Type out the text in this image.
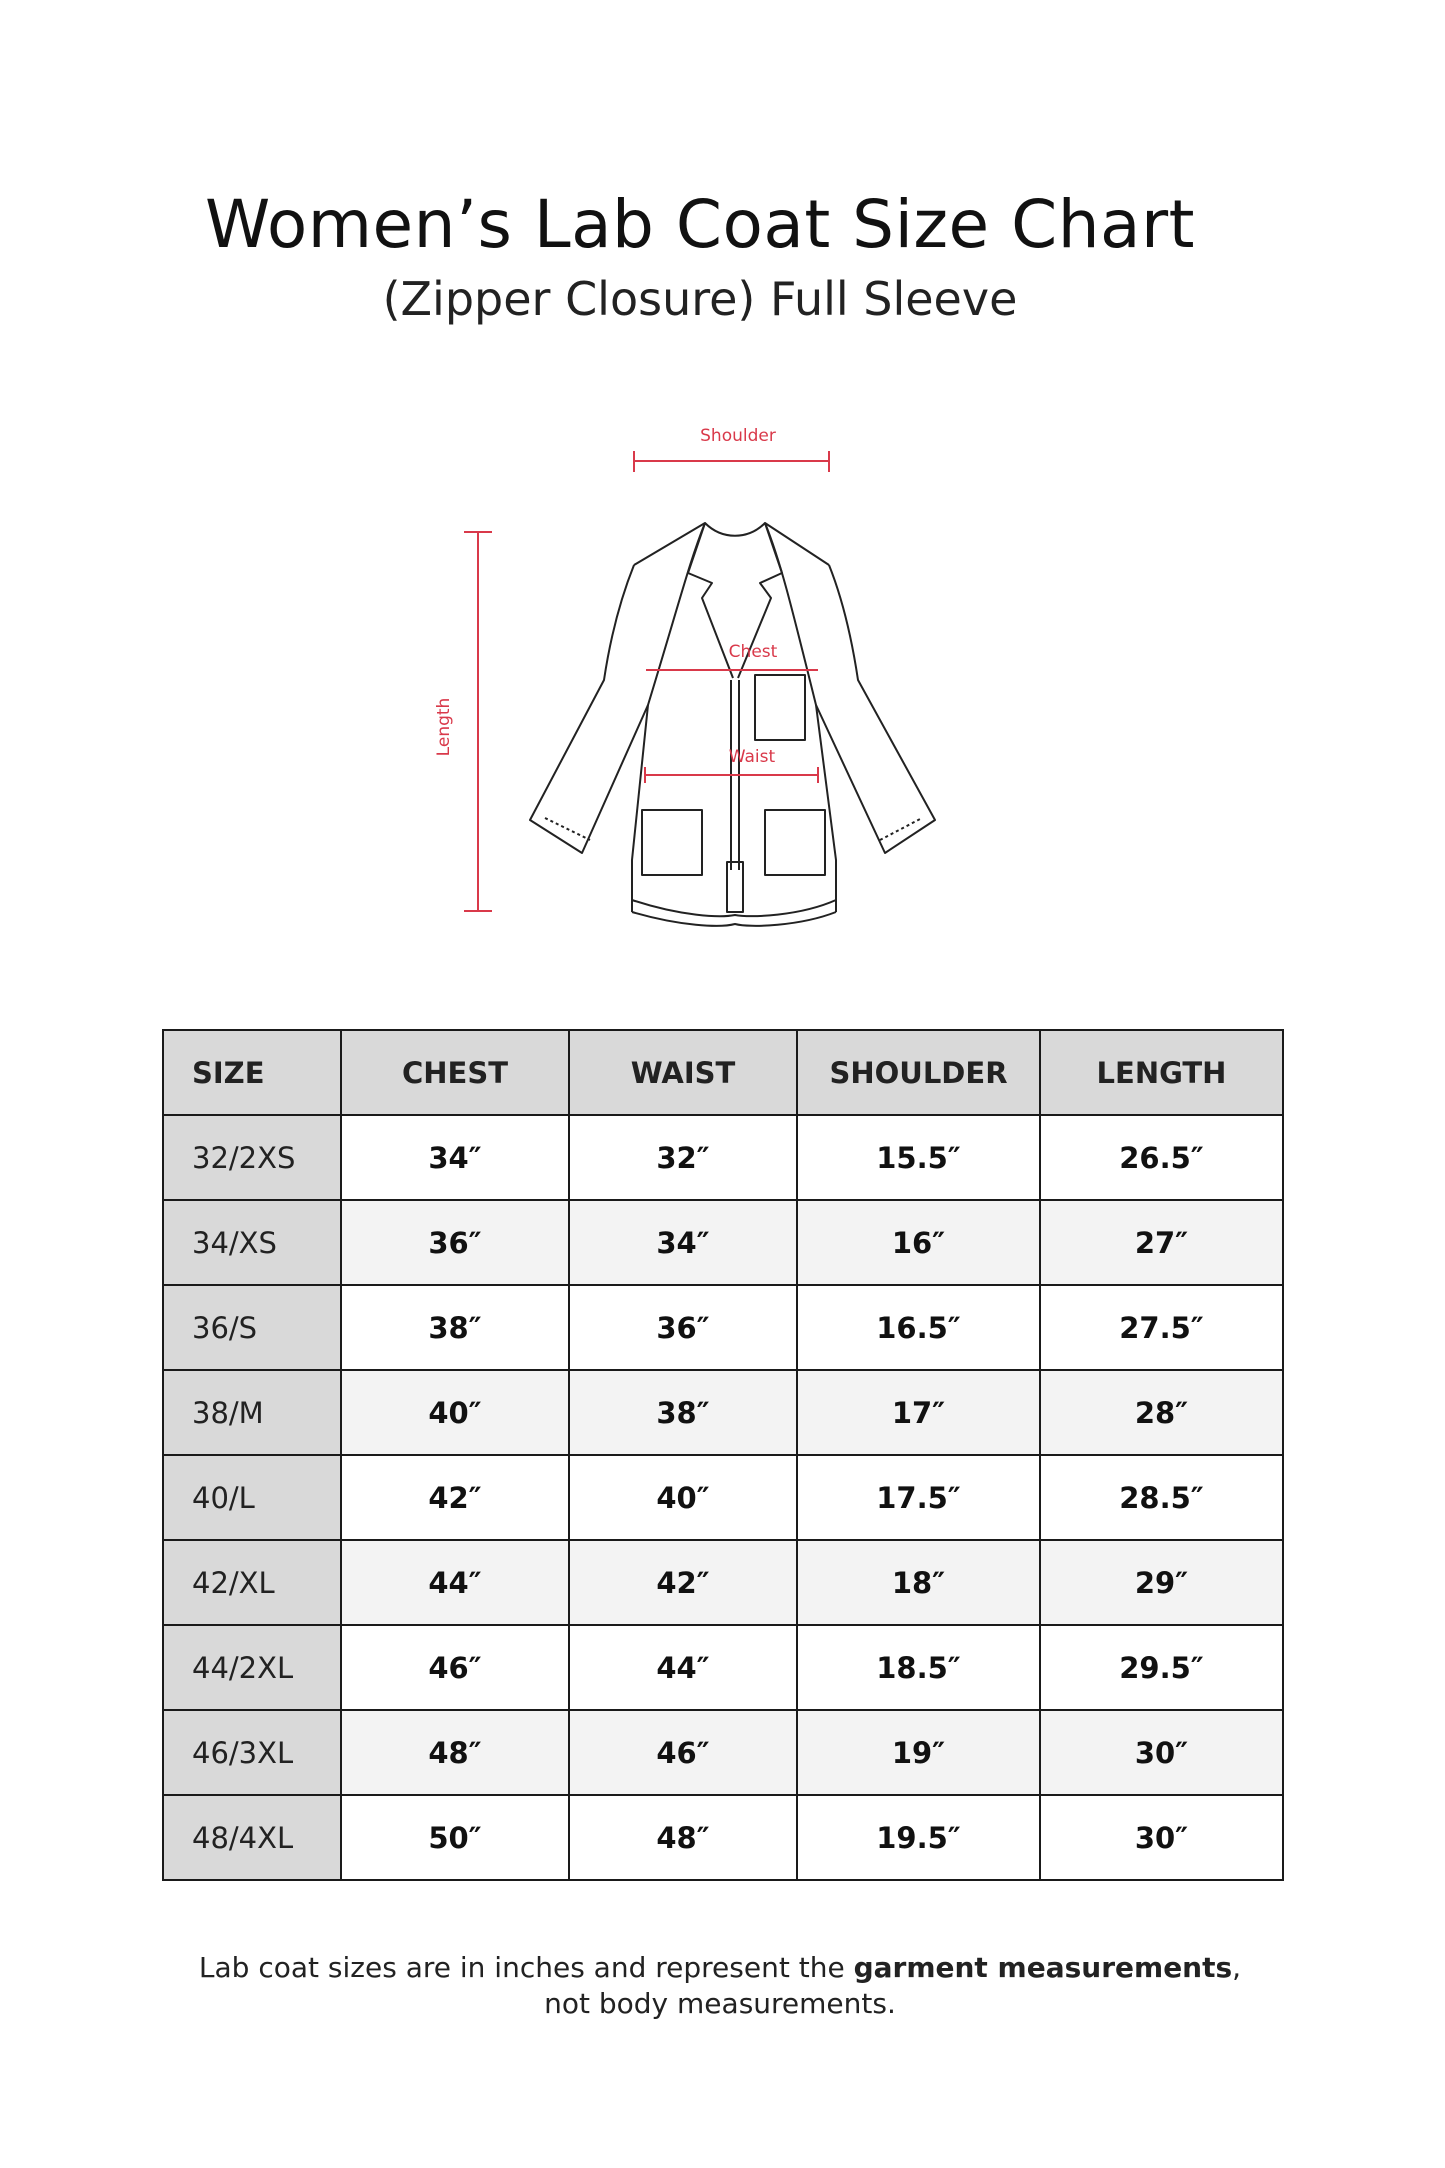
Women’s Lab Coat Size Chart
(Zipper Closure) Full Sleeve
Shoulder
Length
Chest
Waist
SIZE	CHEST	WAIST	SHOULDER	LENGTH
32/2XS	34″	32″	15.5″	26.5″
34/XS	36″	34″	16″	27″
36/S	38″	36″	16.5″	27.5″
38/M	40″	38″	17″	28″
40/L	42″	40″	17.5″	28.5″
42/XL	44″	42″	18″	29″
44/2XL	46″	44″	18.5″	29.5″
46/3XL	48″	46″	19″	30″
48/4XL	50″	48″	19.5″	30″
Lab coat sizes are in inches and represent the garment measurements,
not body measurements.
